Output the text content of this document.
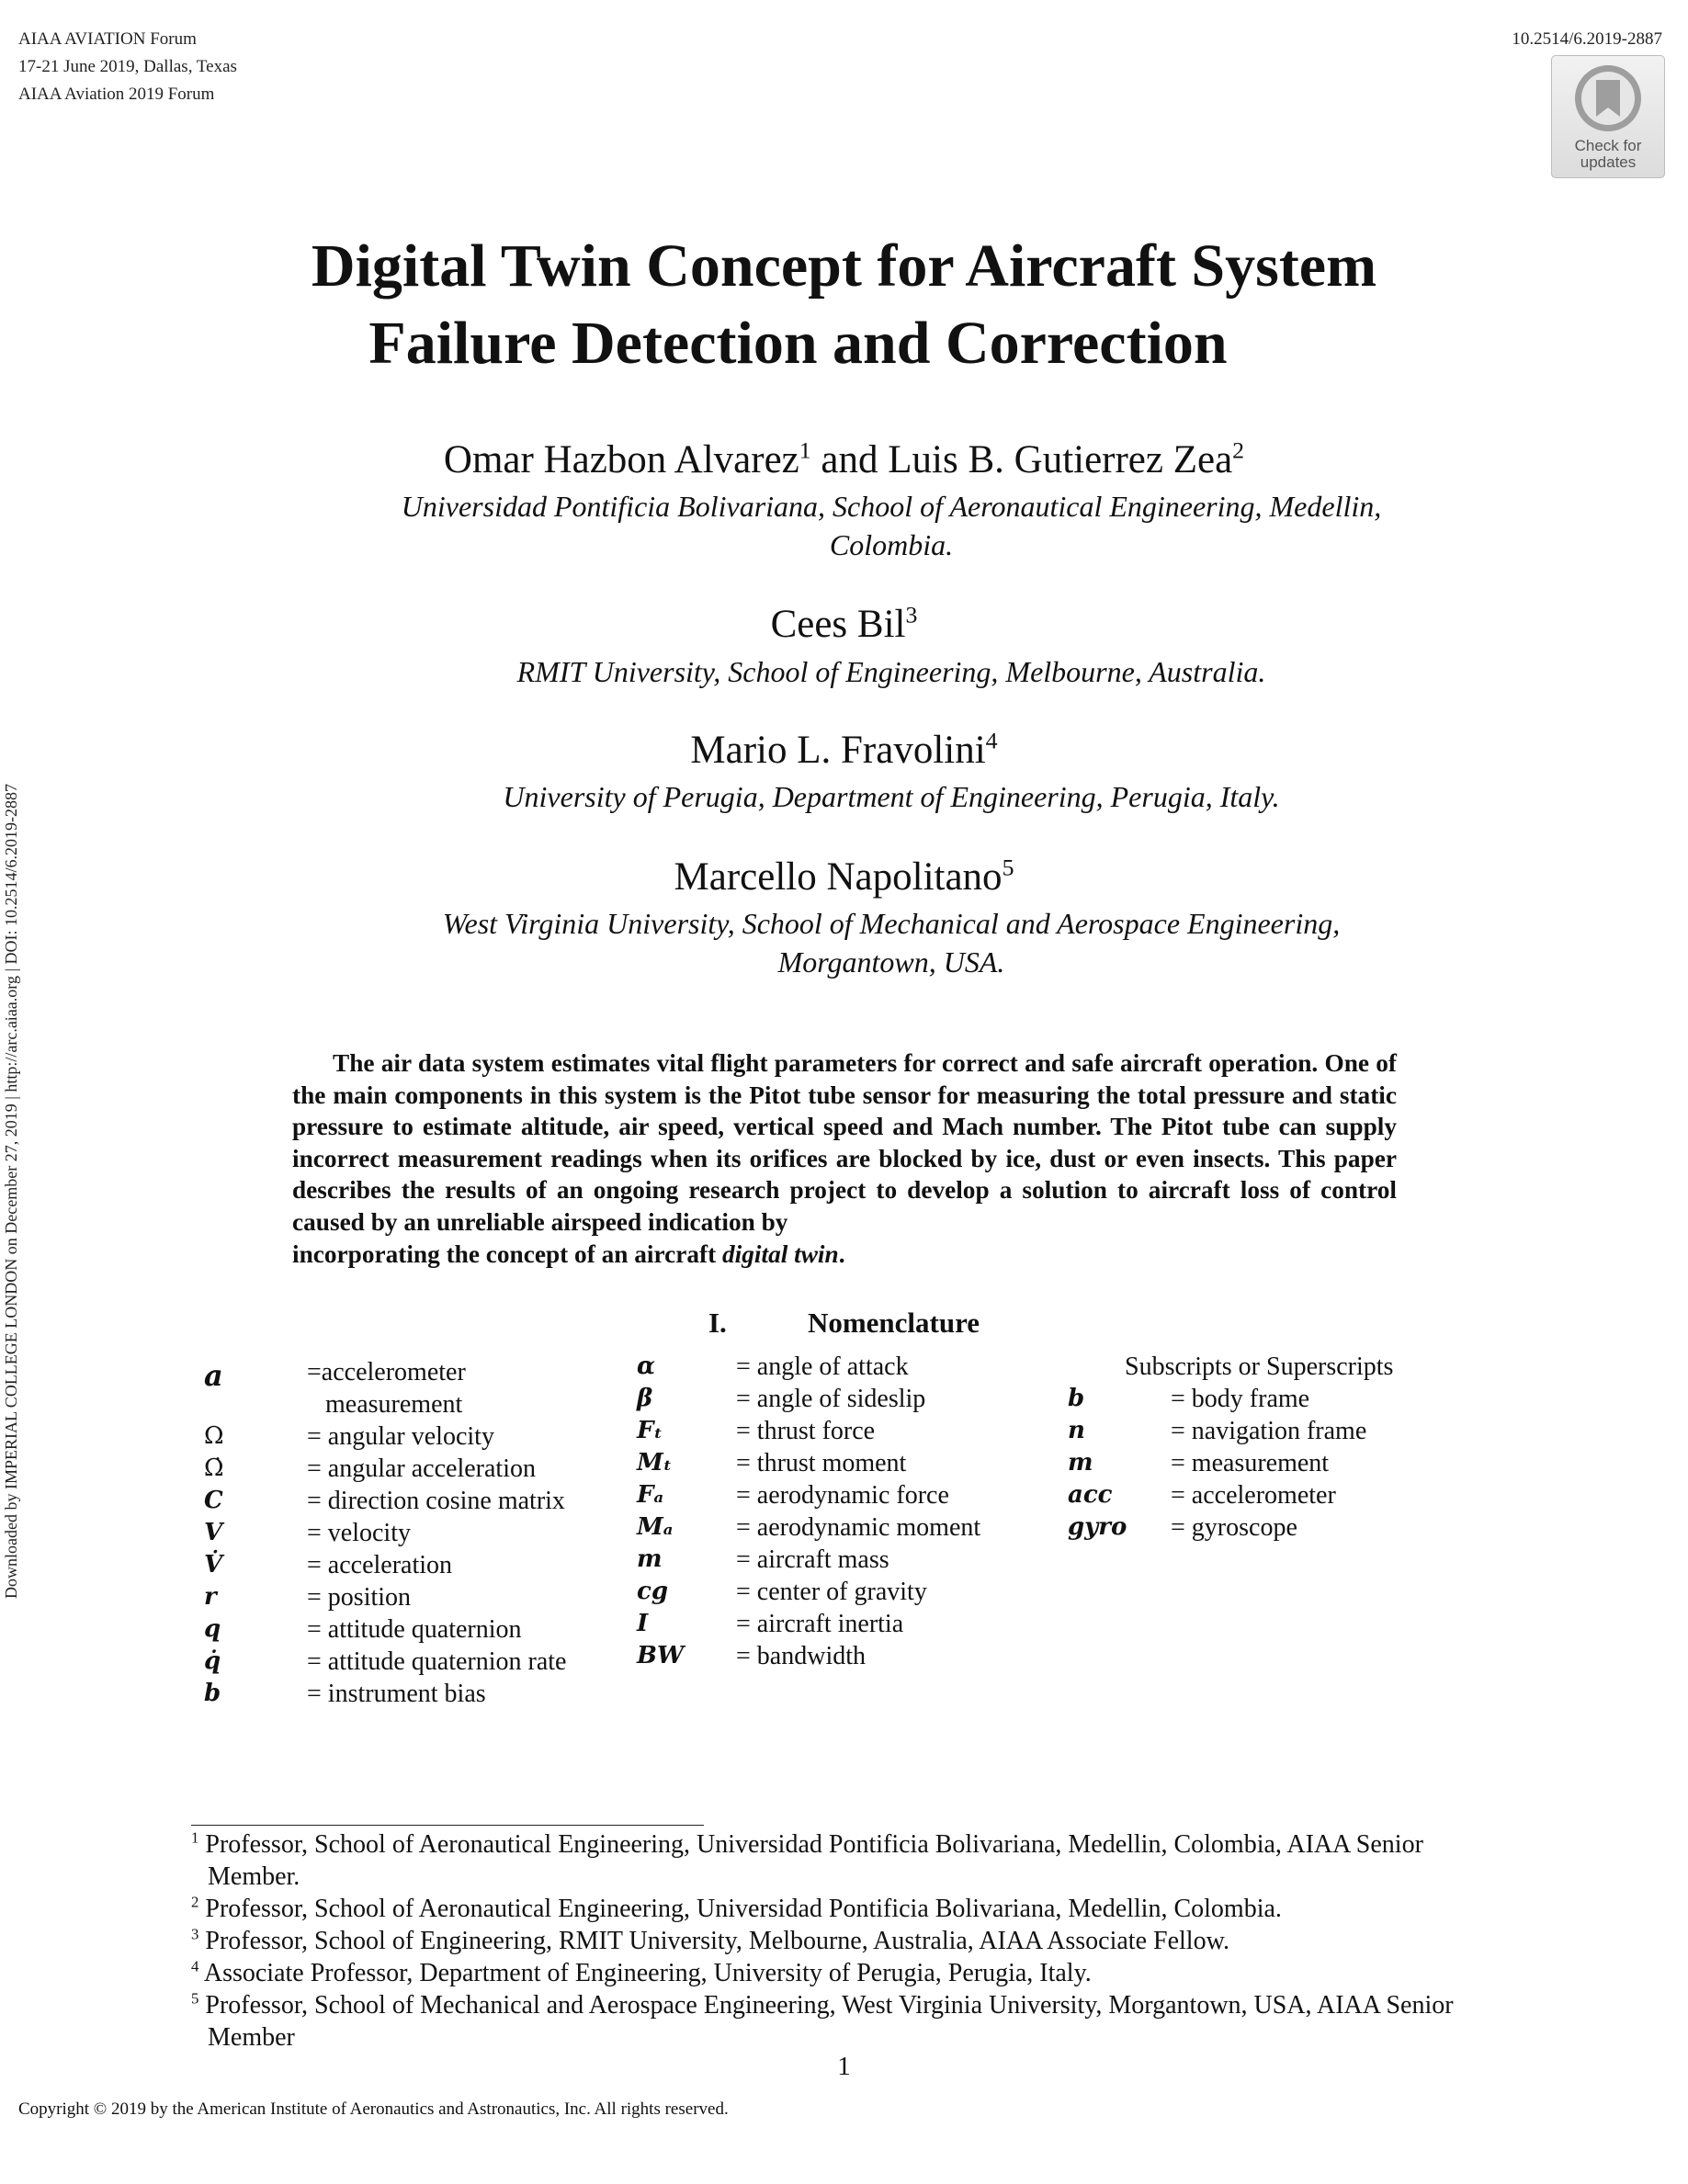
AIAA AVIATION Forum
17-21 June 2019, Dallas, Texas
AIAA Aviation 2019 Forum
10.2514/6.2019-2887
Check for
updates
Downloaded by IMPERIAL COLLEGE LONDON on December 27, 2019 | http://arc.aiaa.org | DOI: 10.2514/6.2019-2887
Digital Twin Concept for Aircraft System
Failure Detection and Correction
Omar Hazbon Alvarez$^1$ and Luis B. Gutierrez Zea$^2$
Universidad Pontificia Bolivariana, School of Aeronautical Engineering, Medellin,
Colombia.
Cees Bil$^3$
RMIT University, School of Engineering, Melbourne, Australia.
Mario L. Fravolini$^4$
University of Perugia, Department of Engineering, Perugia, Italy.
Marcello Napolitano$^5$
West Virginia University, School of Mechanical and Aerospace Engineering,
Morgantown, USA.
The air data system estimates vital flight parameters for correct and safe aircraft operation. One of the main components in this system is the Pitot tube sensor for measuring the total pressure and static pressure to estimate altitude, air speed, vertical speed and Mach number. The Pitot tube can supply incorrect measurement readings when its orifices are blocked by ice, dust or even insects. This paper describes the results of an ongoing research project to develop a solution to aircraft loss of control caused by an unreliable airspeed indication by
incorporating the concept of an aircraft digital twin.
I.	Nomenclature
a	=accelerometer
measurement
Ω	= angular velocity
Ω̇	= angular acceleration
C	= direction cosine matrix
V	= velocity
V̇	= acceleration
r	= position
q	= attitude quaternion
q̇	= attitude quaternion rate
b	= instrument bias
α	= angle of attack
β	= angle of sideslip
Fₜ	= thrust force
Mₜ = thrust moment
Fₐ	= aerodynamic force
Mₐ = aerodynamic moment
m	= aircraft mass
cg	= center of gravity
I	= aircraft inertia
BW = bandwidth
Subscripts or Superscripts
b	= body frame
n	= navigation frame
m	= measurement
acc = accelerometer
gyro = gyroscope
$^1$ Professor, School of Aeronautical Engineering, Universidad Pontificia Bolivariana, Medellin, Colombia, AIAA Senior Member.
$^2$ Professor, School of Aeronautical Engineering, Universidad Pontificia Bolivariana, Medellin, Colombia.
$^3$ Professor, School of Engineering, RMIT University, Melbourne, Australia, AIAA Associate Fellow.
$^4$ Associate Professor, Department of Engineering, University of Perugia, Perugia, Italy.
$^5$ Professor, School of Mechanical and Aerospace Engineering, West Virginia University, Morgantown, USA, AIAA Senior Member
1
Copyright © 2019 by the American Institute of Aeronautics and Astronautics, Inc. All rights reserved.
